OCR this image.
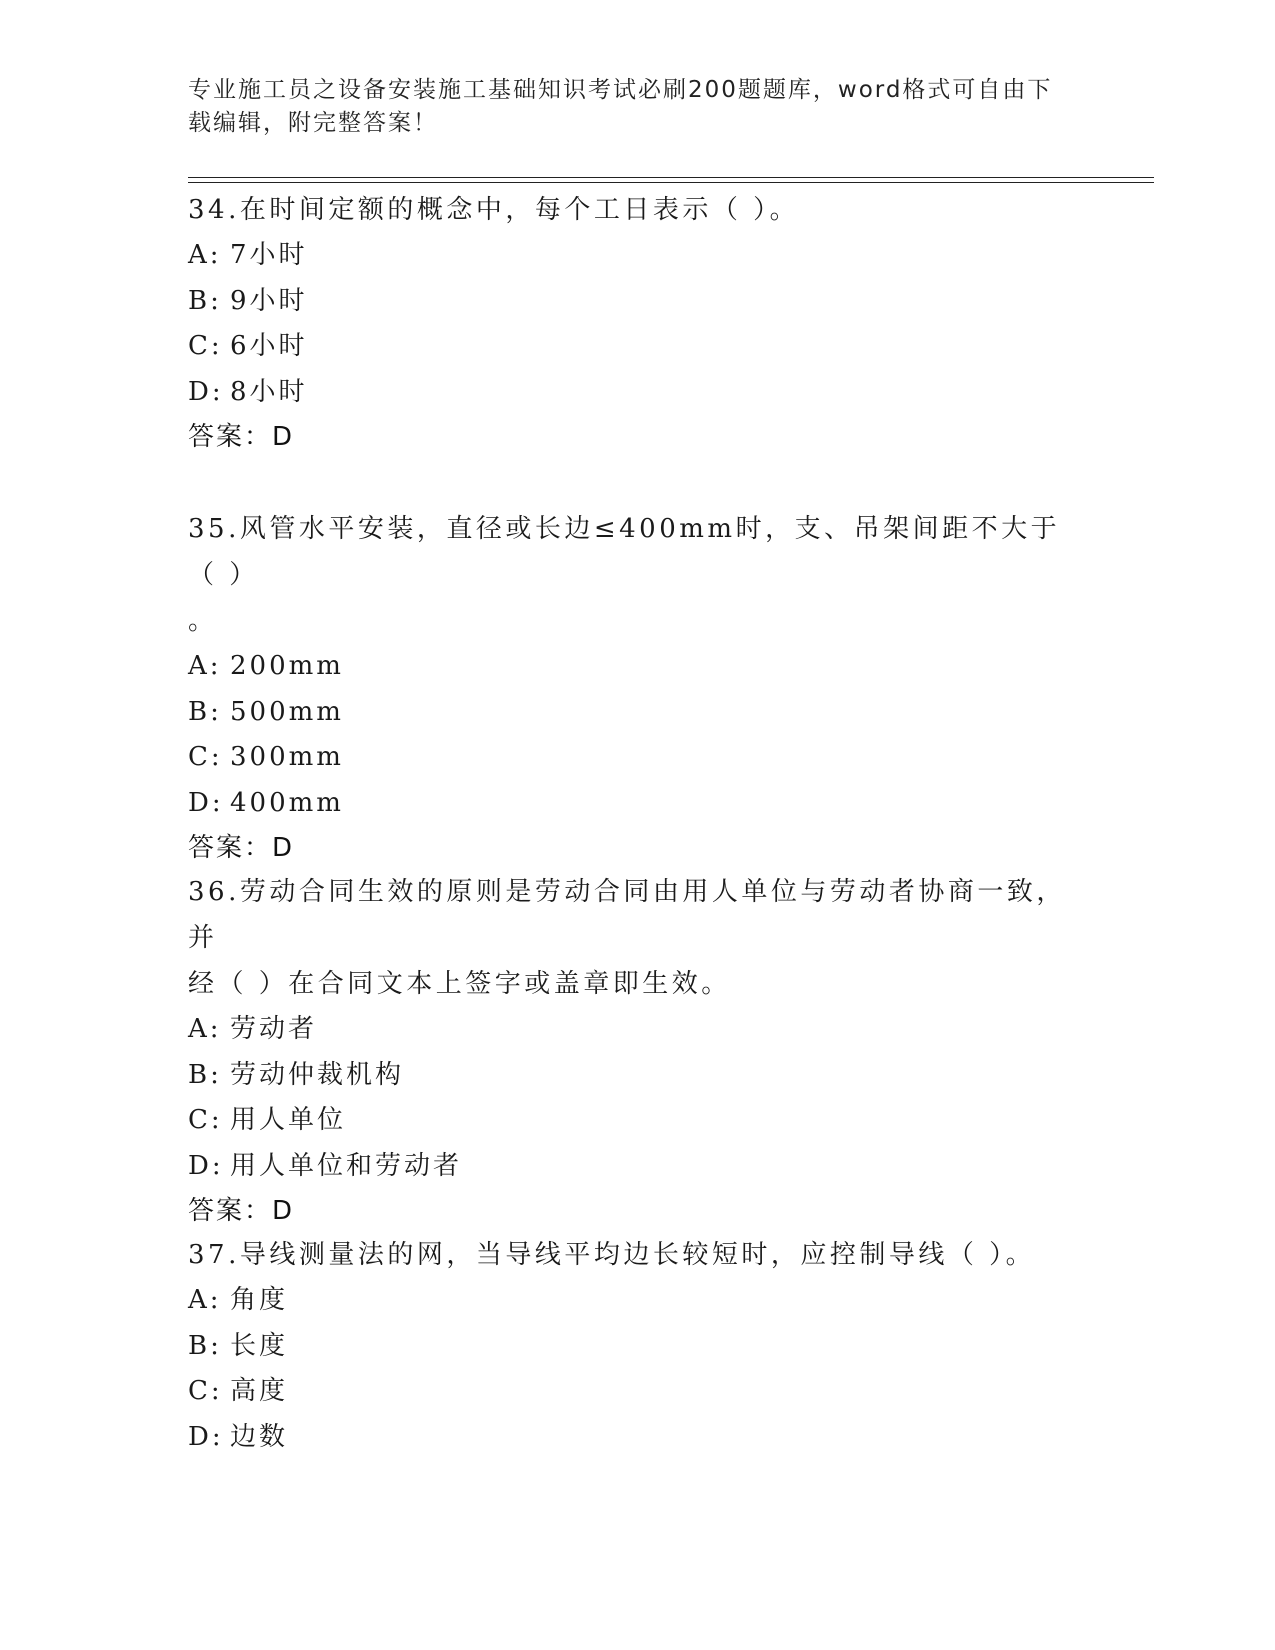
专业施工员之设备安装施工基础知识考试必刷200题题库，word格式可自由下载编辑，附完整答案！

34.在时间定额的概念中，每个工日表示（ ）。

A: 7小时

B: 9小时

C: 6小时

D: 8小时

答案：D

35.风管水平安装，直径或长边≤400mm时，支、吊架间距不大于（ ）

。

A: 200mm

B: 500mm

C: 300mm

D: 400mm

答案：D

36.劳动合同生效的原则是劳动合同由用人单位与劳动者协商一致，并

经（ ）在合同文本上签字或盖章即生效。

A: 劳动者

B: 劳动仲裁机构

C: 用人单位

D: 用人单位和劳动者

答案：D

37.导线测量法的网，当导线平均边长较短时，应控制导线（ ）。

A: 角度

B: 长度

C: 高度

D: 边数
